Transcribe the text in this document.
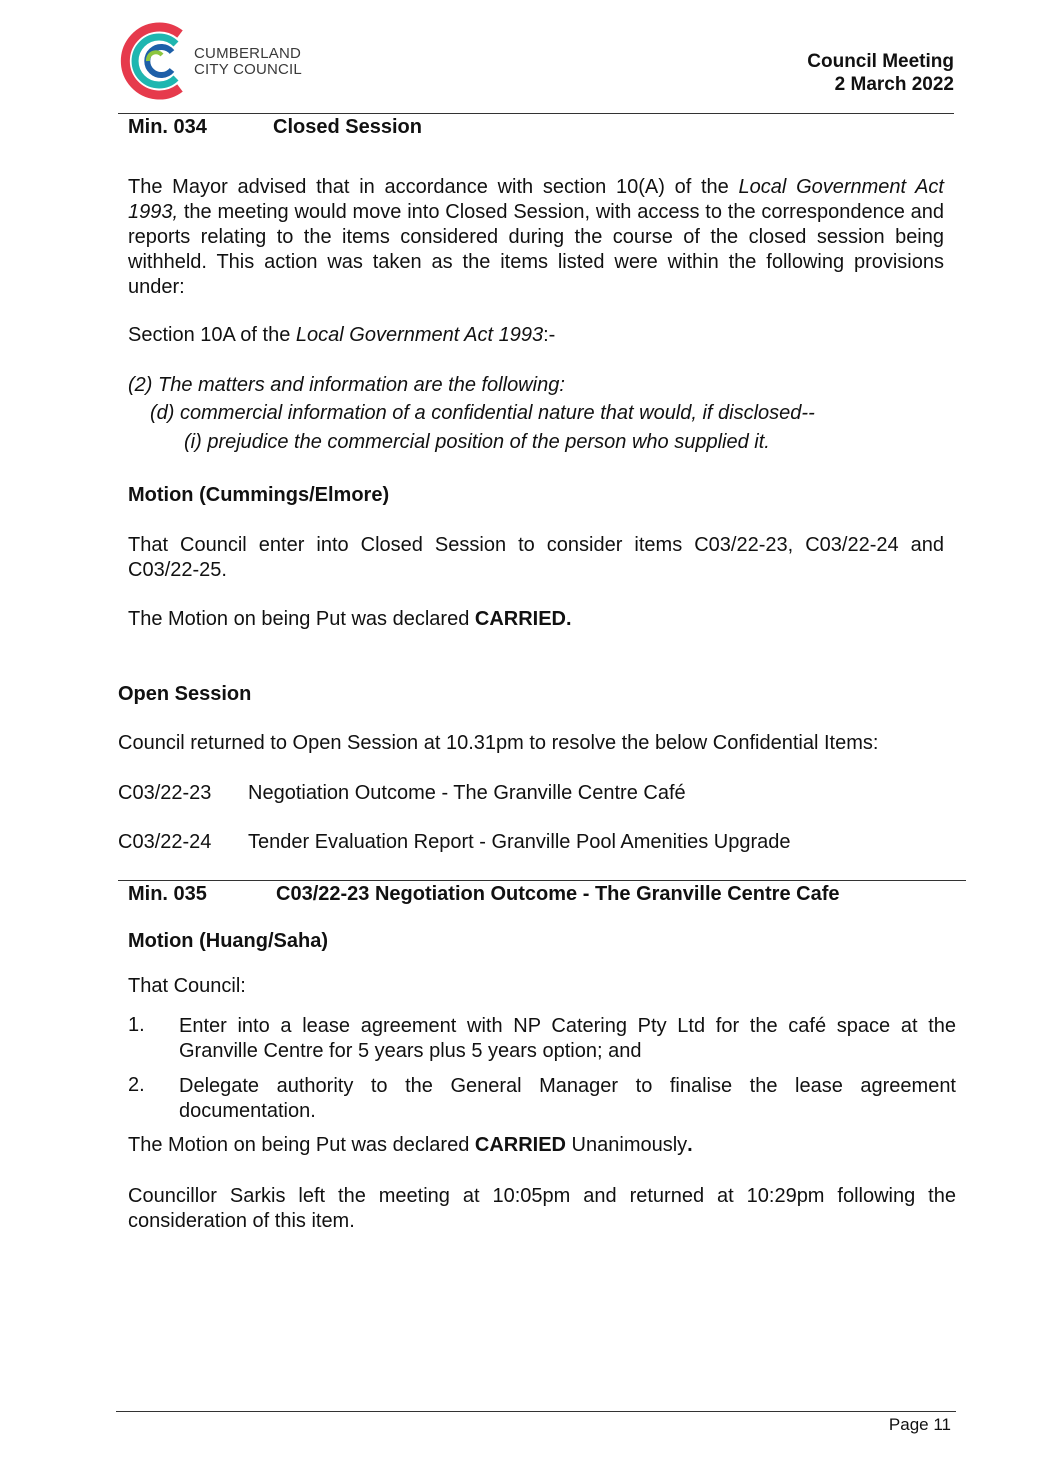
CUMBERLAND
CITY COUNCIL	Council Meeting
2 March 2022
Min. 034	Closed Session
The Mayor advised that in accordance with section 10(A) of the Local Government Act 1993, the meeting would move into Closed Session, with access to the correspondence and reports relating to the items considered during the course of the closed session being withheld. This action was taken as the items listed were within the following provisions under:
Section 10A of the Local Government Act 1993:-
(2) The matters and information are the following:
(d) commercial information of a confidential nature that would, if disclosed--
(i) prejudice the commercial position of the person who supplied it.
Motion (Cummings/Elmore)
That Council enter into Closed Session to consider items C03/22-23, C03/22-24 and C03/22-25.
The Motion on being Put was declared CARRIED.
Open Session
Council returned to Open Session at 10.31pm to resolve the below Confidential Items:
C03/22-23 Negotiation Outcome - The Granville Centre Café
C03/22-24 Tender Evaluation Report - Granville Pool Amenities Upgrade
Min. 035	C03/22-23 Negotiation Outcome - The Granville Centre Cafe
Motion (Huang/Saha)
That Council:
1. Enter into a lease agreement with NP Catering Pty Ltd for the café space at the Granville Centre for 5 years plus 5 years option; and
2. Delegate authority to the General Manager to finalise the lease agreement documentation.
The Motion on being Put was declared CARRIED Unanimously.
Councillor Sarkis left the meeting at 10:05pm and returned at 10:29pm following the consideration of this item.
Page 11
